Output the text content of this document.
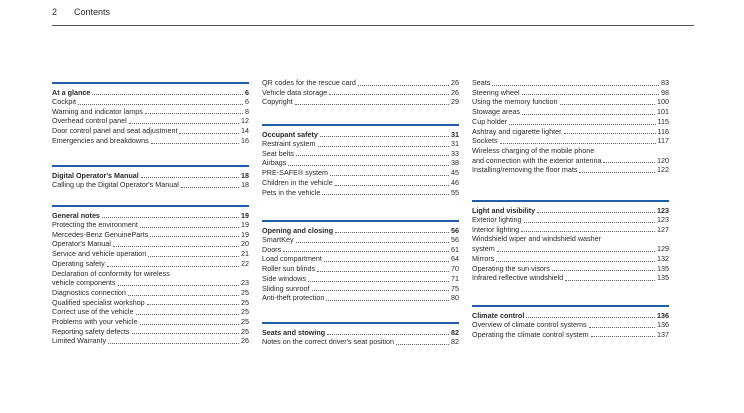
2 Contents
At a glance	6
Cockpit	6
Warning and indicator lamps	8
Overhead control panel	12
Door control panel and seat adjustment	14
Emergencies and breakdowns	16
Digital Operator's Manual	18
Calling up the Digital Operator's Manual	18
General notes	19
Protecting the environment	19
Mercedes-Benz GenuineParts	19
Operator's Manual	20
Service and vehicle operation	21
Operating safety	22
Declaration of conformity for wireless
vehicle components	23
Diagnostics connection	25
Qualified specialist workshop	25
Correct use of the vehicle	25
Problems with your vehicle	25
Reporting safety defects	25
Limited Warranty	26
QR codes for the rescue card	26
Vehicle data storage	26
Copyright	29
Occupant safety	31
Restraint system	31
Seat belts	33
Airbags	38
PRE-SAFE® system	45
Children in the vehicle	46
Pets in the vehicle	55
Opening and closing	56
SmartKey	56
Doors	61
Load compartment	64
Roller sun blinds	70
Side windows	71
Sliding sunroof	75
Anti-theft protection	80
Seats and stowing	82
Notes on the correct driver's seat position	82
Seats	83
Steering wheel	98
Using the memory function	100
Stowage areas	101
Cup holder	115
Ashtray and cigarette lighter	116
Sockets	117
Wireless charging of the mobile phone
and connection with the exterior antenna	120
Installing/removing the floor mats	122
Light and visibility	123
Exterior lighting	123
Interior lighting	127
Windshield wiper and windshield washer
system	129
Mirrors	132
Operating the sun visors	135
Infrared reflective windshield	135
Climate control	136
Overview of climate control systems	136
Operating the climate control system	137
